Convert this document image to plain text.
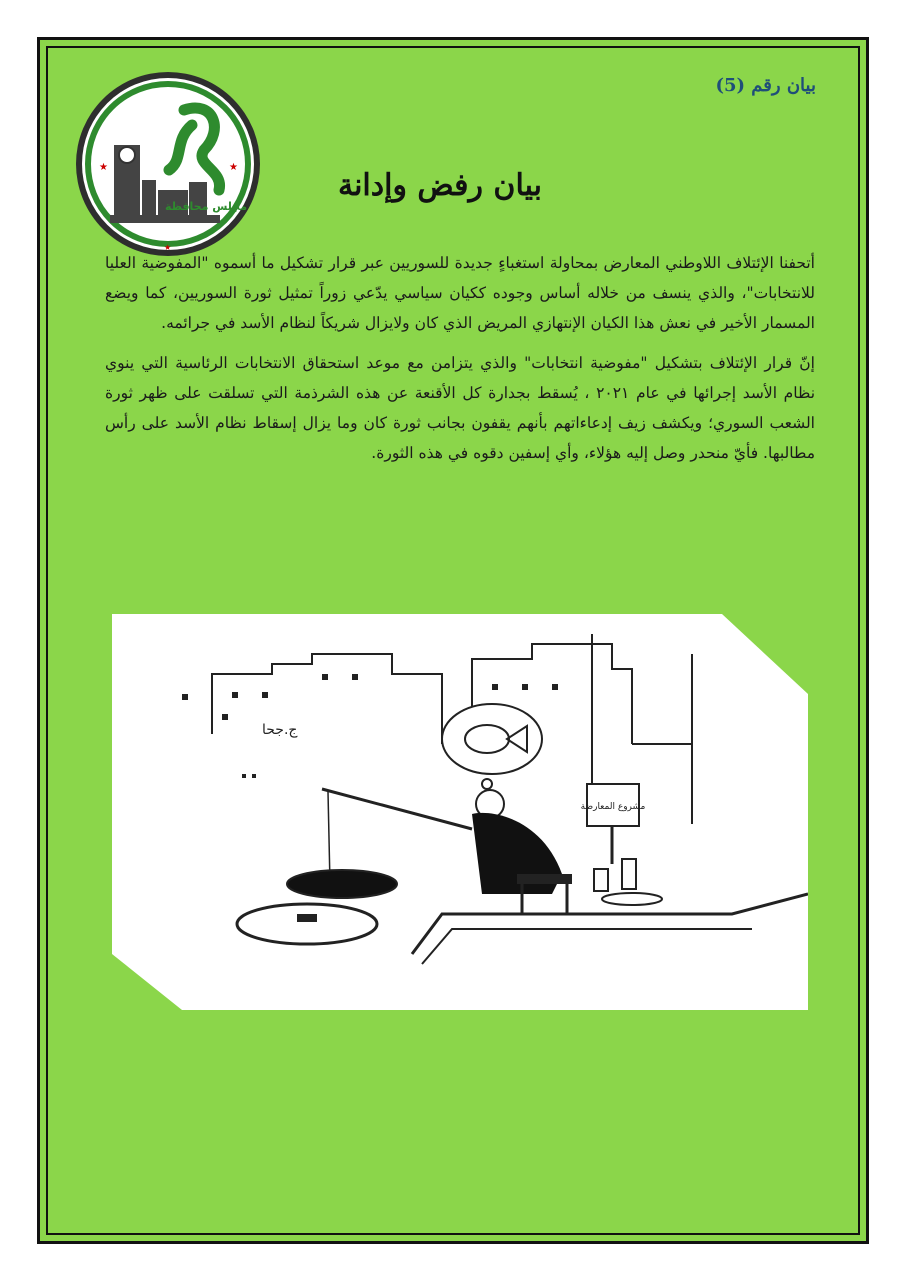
بيان رقم (5)
مجلس محافظة
★	★
★
بيان رفض وإدانة

أتحفنا الإئتلاف اللاوطني المعارض بمحاولة استغباءٍ جديدة للسوريين عبر قرار تشكيل ما أسموه "المفوضية العليا للانتخابات"، والذي ينسف من خلاله أساس وجوده ككيان سياسي يدّعي زوراً تمثيل ثورة السوريين، كما ويضع المسمار الأخير في نعش هذا الكيان الإنتهازي المريض الذي كان ولايزال شريكاً لنظام الأسد في جرائمه.

إنّ قرار الإئتلاف بتشكيل "مفوضية انتخابات" والذي يتزامن مع موعد استحقاق الانتخابات الرئاسية التي ينوي نظام الأسد إجرائها في عام ٢٠٢١ ، يُسقط بجدارة كل الأقنعة عن هذه الشرذمة التي تسلقت على ظهر ثورة الشعب السوري؛ ويكشف زيف إدعاءاتهم بأنهم يقفون بجانب ثورة كان وما يزال إسقاط نظام الأسد على رأس مطالبها. فأيّ منحدر وصل إليه هؤلاء، وأي إسفين دقوه في هذه الثورة.

ج.جحا
مشروع المعارضة
